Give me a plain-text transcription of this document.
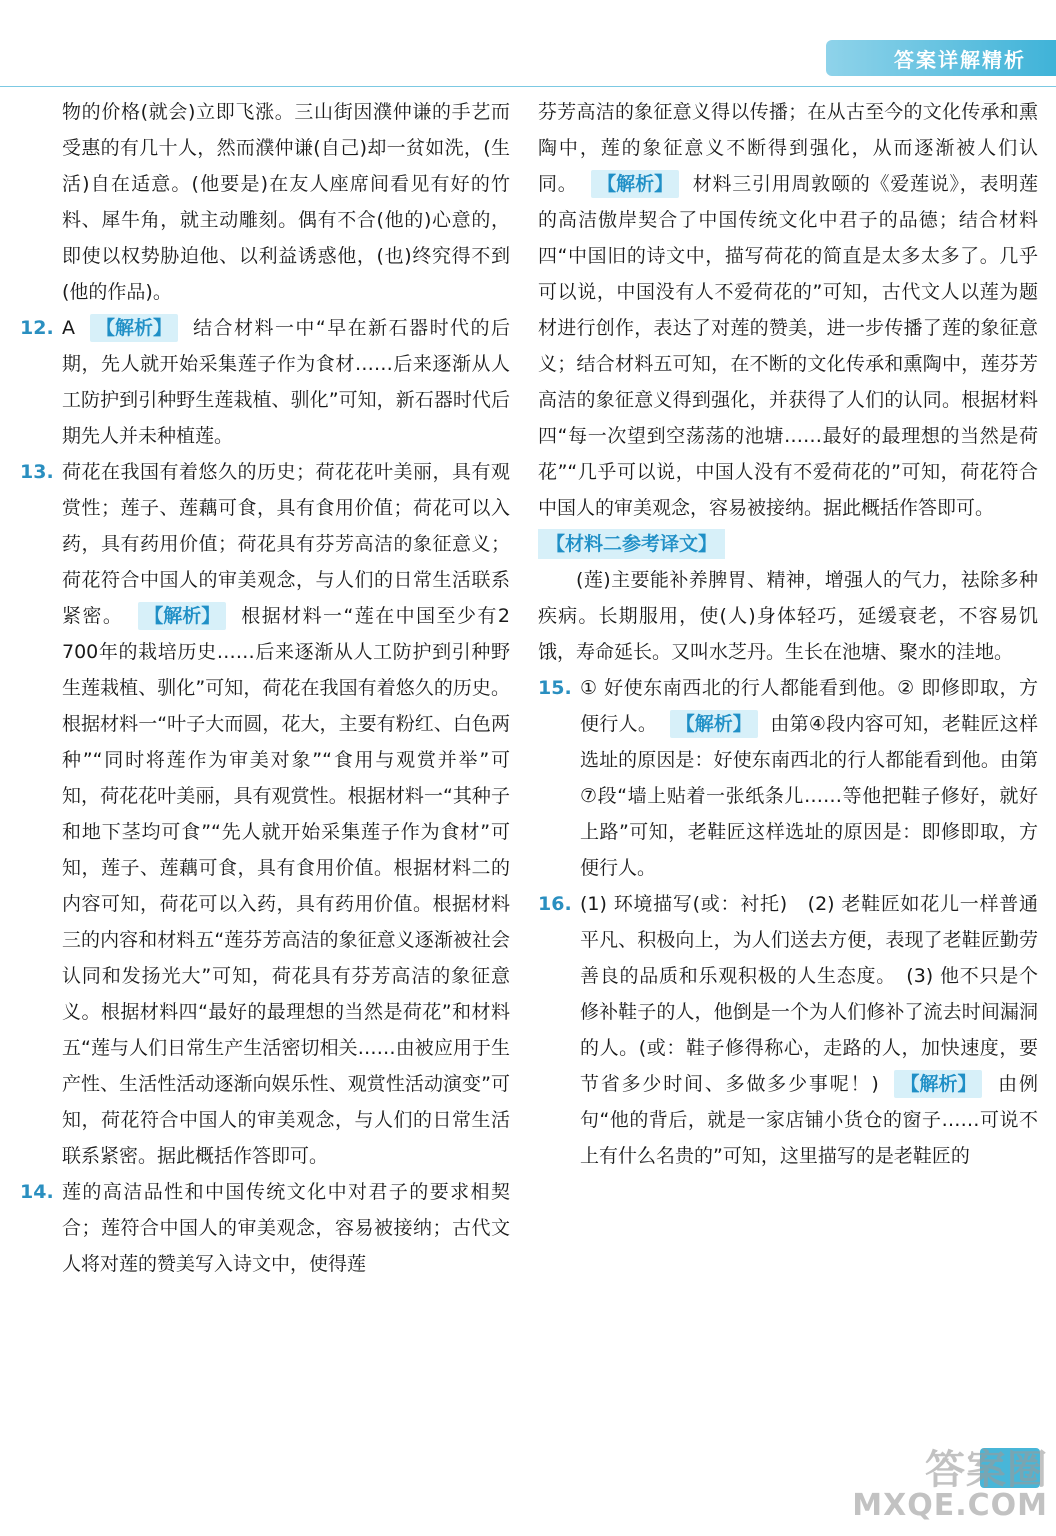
答案详解精析

物的价格(就会)立即飞涨。三山街因濮仲谦的手艺而受惠的有几十人，然而濮仲谦(自己)却一贫如洗，(生活)自在适意。(他要是)在友人座席间看见有好的竹料、犀牛角，就主动雕刻。偶有不合(他的)心意的，即使以权势胁迫他、以利益诱惑他，(也)终究得不到(他的作品)。

12. A 【解析】 结合材料一中“早在新石器时代的后期，先人就开始采集莲子作为食材……后来逐渐从人工防护到引种野生莲栽植、驯化”可知，新石器时代后期先人并未种植莲。

13. 荷花在我国有着悠久的历史；荷花花叶美丽，具有观赏性；莲子、莲藕可食，具有食用价值；荷花可以入药，具有药用价值；荷花具有芬芳高洁的象征意义；荷花符合中国人的审美观念，与人们的日常生活联系紧密。 【解析】 根据材料一“莲在中国至少有2 700年的栽培历史……后来逐渐从人工防护到引种野生莲栽植、驯化”可知，荷花在我国有着悠久的历史。根据材料一“叶子大而圆，花大，主要有粉红、白色两种”“同时将莲作为审美对象”“食用与观赏并举”可知，荷花花叶美丽，具有观赏性。根据材料一“其种子和地下茎均可食”“先人就开始采集莲子作为食材”可知，莲子、莲藕可食，具有食用价值。根据材料二的内容可知，荷花可以入药，具有药用价值。根据材料三的内容和材料五“莲芬芳高洁的象征意义逐渐被社会认同和发扬光大”可知，荷花具有芬芳高洁的象征意义。根据材料四“最好的最理想的当然是荷花”和材料五“莲与人们日常生产生活密切相关……由被应用于生产性、生活性活动逐渐向娱乐性、观赏性活动演变”可知，荷花符合中国人的审美观念，与人们的日常生活联系紧密。据此概括作答即可。

14. 莲的高洁品性和中国传统文化中对君子的要求相契合；莲符合中国人的审美观念，容易被接纳；古代文人将对莲的赞美写入诗文中，使得莲

芬芳高洁的象征意义得以传播；在从古至今的文化传承和熏陶中，莲的象征意义不断得到强化，从而逐渐被人们认同。 【解析】 材料三引用周敦颐的《爱莲说》，表明莲的高洁傲岸契合了中国传统文化中君子的品德；结合材料四“中国旧的诗文中，描写荷花的简直是太多太多了。几乎可以说，中国没有人不爱荷花的”可知，古代文人以莲为题材进行创作，表达了对莲的赞美，进一步传播了莲的象征意义；结合材料五可知，在不断的文化传承和熏陶中，莲芬芳高洁的象征意义得到强化，并获得了人们的认同。根据材料四“每一次望到空荡荡的池塘……最好的最理想的当然是荷花”“几乎可以说，中国人没有不爱荷花的”可知，荷花符合中国人的审美观念，容易被接纳。据此概括作答即可。

【材料二参考译文】

(莲)主要能补养脾胃、精神，增强人的气力，祛除多种疾病。长期服用，使(人)身体轻巧，延缓衰老，不容易饥饿，寿命延长。又叫水芝丹。生长在池塘、聚水的洼地。

15. ① 好使东南西北的行人都能看到他。② 即修即取，方便行人。 【解析】 由第④段内容可知，老鞋匠这样选址的原因是：好使东南西北的行人都能看到他。由第⑦段“墙上贴着一张纸条儿……等他把鞋子修好，就好上路”可知，老鞋匠这样选址的原因是：即修即取，方便行人。

16. (1) 环境描写(或：衬托)　(2) 老鞋匠如花儿一样普通平凡、积极向上，为人们送去方便，表现了老鞋匠勤劳善良的品质和乐观积极的人生态度。　(3) 他不只是个修补鞋子的人，他倒是一个为人们修补了流去时间漏洞的人。(或：鞋子修得称心，走路的人，加快速度，要节省多少时间、多做多少事呢！) 【解析】 由例句“他的背后，就是一家店铺小货仓的窗子……可说不上有什么名贵的”可知，这里描写的是老鞋匠的

答案圈
MXQE.COM
